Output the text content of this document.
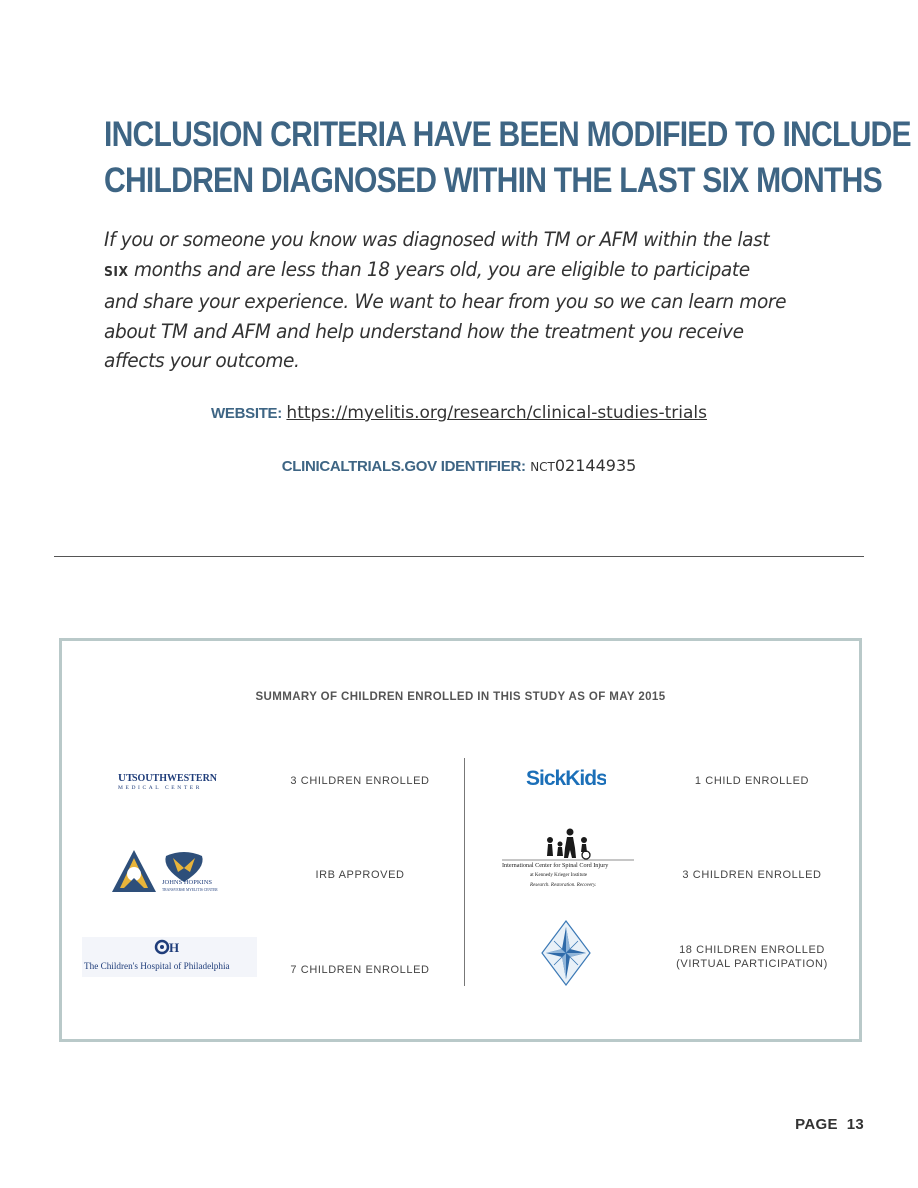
INCLUSION CRITERIA HAVE BEEN MODIFIED TO INCLUDE
CHILDREN DIAGNOSED WITHIN THE LAST SIX MONTHS

If you or someone you know was diagnosed with TM or AFM within the last SIX months and are less than 18 years old, you are eligible to participate and share your experience. We want to hear from you so we can learn more about TM and AFM and help understand how the treatment you receive affects your outcome.

WEBSITE: https://myelitis.org/research/clinical-studies-trials
CLINICALTRIALS.GOV IDENTIFIER: NCT02144935
SUMMARY OF CHILDREN ENROLLED IN THIS STUDY AS OF MAY 2015
UT
SOUTHWESTERN
MEDICAL CENTER
3 CHILDREN ENROLLED
JOHNS HOPKINS
TRANSVERSE MYELITIS CENTER
IRB APPROVED
H
The Children's Hospital of Philadelphia	7 CHILDREN ENROLLED
SickKids	1 CHILD ENROLLED
International Center for Spinal Cord Injury
at Kennedy Krieger Institute
Research. Restoration. Recovery.
3 CHILDREN ENROLLED
18 CHILDREN ENROLLED
(VIRTUAL PARTICIPATION)
PAGE 13
